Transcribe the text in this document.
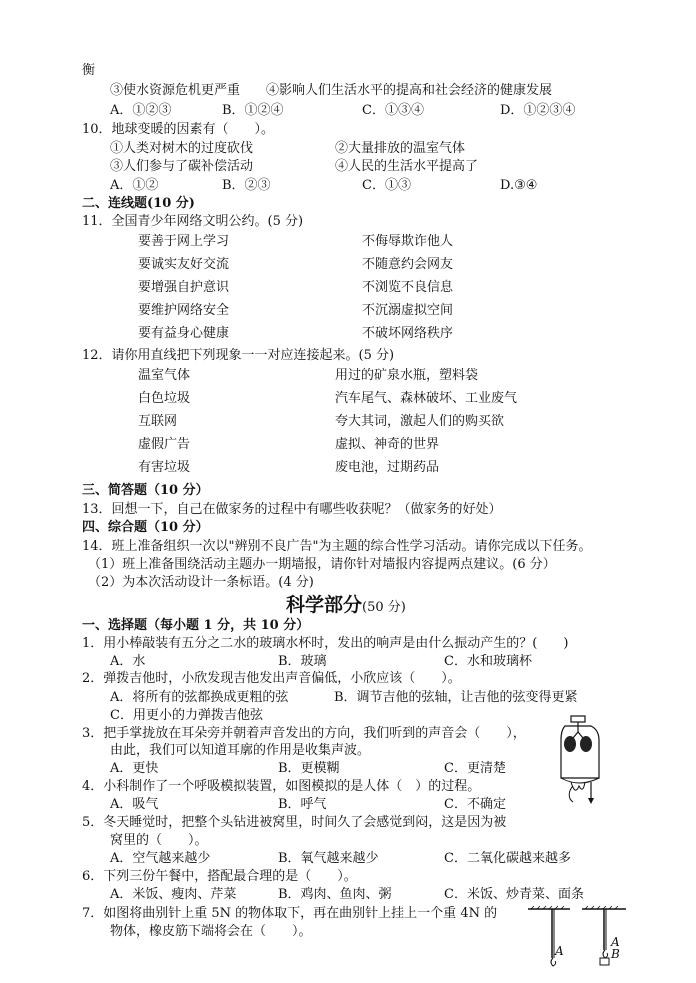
衡
③使水资源危机更严重　　④影响人们生活水平的提高和社会经济的健康发展
A．①②③	B．①②④	C．①③④	D．①②③④
10．地球变暖的因素有（　　）。
①人类对树木的过度砍伐	②大量排放的温室气体
③人们参与了碳补偿活动	④人民的生活水平提高了
A．①②	B．②③	C．①③	D.③④
二、连线题(10 分)
11．全国青少年网络文明公约。(5 分)
要善于网上学习	不侮辱欺诈他人
要诚实友好交流	不随意约会网友
要增强自护意识	不浏览不良信息
要维护网络安全	不沉溺虚拟空间
要有益身心健康	不破坏网络秩序
12．请你用直线把下列现象一一对应连接起来。(5 分)
温室气体	用过的矿泉水瓶，塑料袋
白色垃圾	汽车尾气、森林破坏、工业废气
互联网	夸大其词，激起人们的购买欲
虚假广告	虚拟、神奇的世界
有害垃圾	废电池，过期药品
三、简答题（10 分）
13．回想一下，自己在做家务的过程中有哪些收获呢？（做家务的好处）
四、综合题（10 分）
14．班上准备组织一次以"辨别不良广告"为主题的综合性学习活动。请你完成以下任务。
（1）班上准备围绕活动主题办一期墙报，请你针对墙报内容提两点建议。(6 分）
（2）为本次活动设计一条标语。(4 分)
科学部分(50 分)
一、选择题（每小题 1 分，共 10 分）
1．用小棒敲装有五分之二水的玻璃水杯时，发出的响声是由什么振动产生的？(　　)
A．水	B．玻璃	C．水和玻璃杯
2．弹拨吉他时，小欣发现吉他发出声音偏低，小欣应该（　　）。
A．将所有的弦都换成更粗的弦	B．调节吉他的弦轴，让吉他的弦变得更紧
C．用更小的力弹拨吉他弦
3．把手掌拢放在耳朵旁并朝着声音发出的方向，我们听到的声音会（　　），
由此，我们可以知道耳廓的作用是收集声波。
A．更快	B．更模糊	C．更清楚
4．小科制作了一个呼吸模拟装置，如图模拟的是人体（　）的过程。
A．吸气	B．呼气	C．不确定
5．冬天睡觉时，把整个头钻进被窝里，时间久了会感觉到闷，这是因为被
窝里的（　　）。
A．空气越来越少	B．氧气越来越少	C．二氧化碳越来越多
6．下列三份午餐中，搭配最合理的是（　　）。
A．米饭、瘦肉、芹菜	B．鸡肉、鱼肉、粥	C．米饭、炒青菜、面条
7．如图将曲别针上重 5N 的物体取下，再在曲别针上挂上一个重 4N 的
物体，橡皮筋下端将会在（　　）。
A
A
B
